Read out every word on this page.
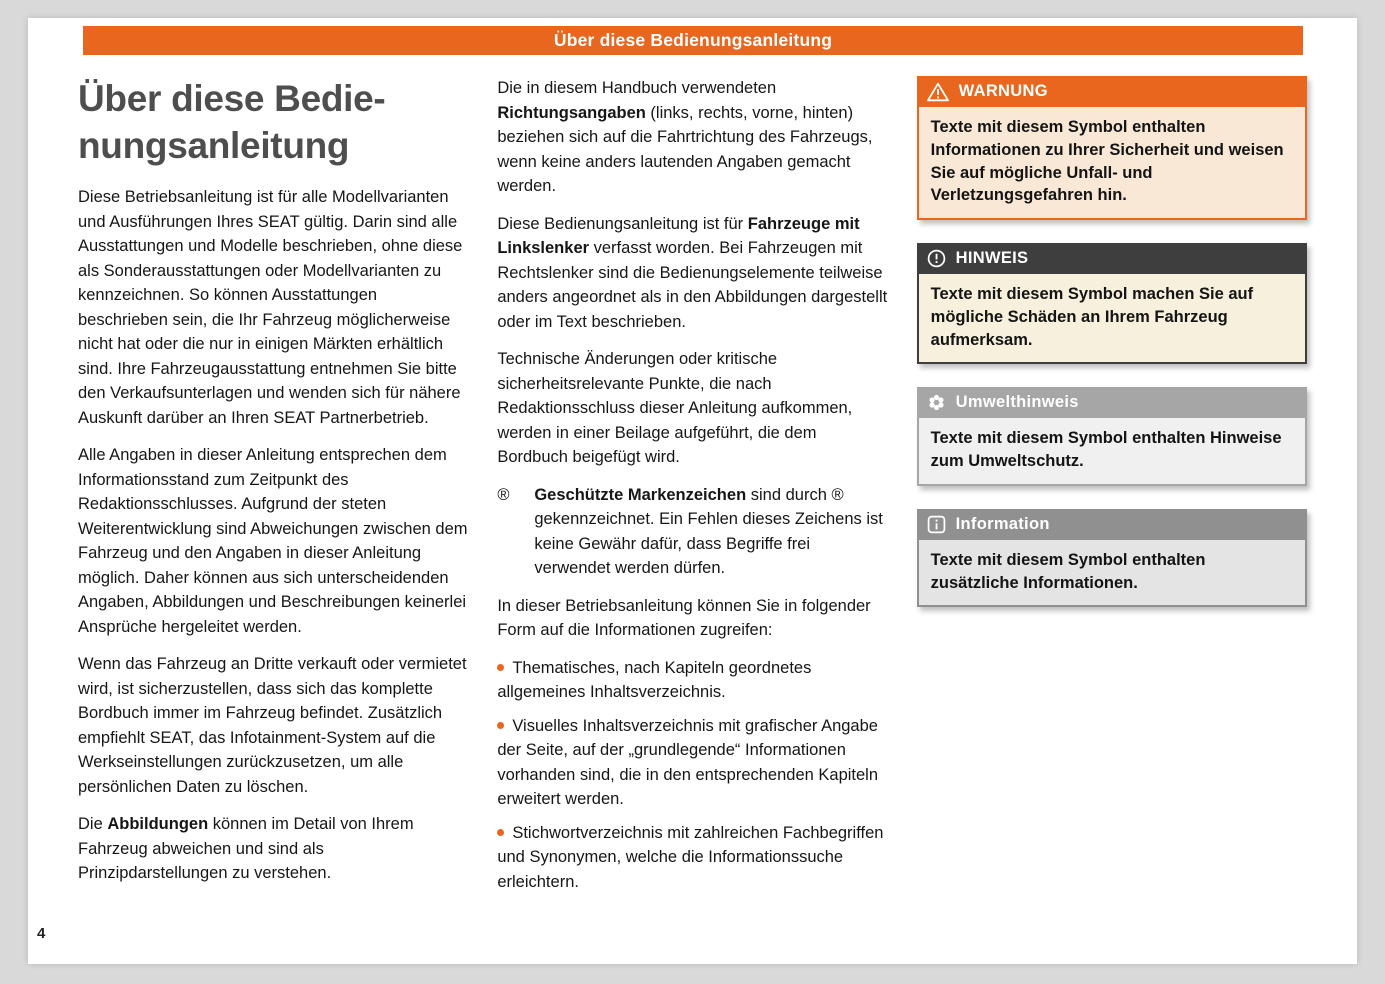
Über diese Bedienungsanleitung
Über diese Bedie-
nungsanleitung

Diese Betriebsanleitung ist für alle Modellvarianten und Ausführungen Ihres SEAT gültig. Darin sind alle Ausstattungen und Modelle beschrieben, ohne diese als Sonderausstattungen oder Modellvarianten zu kennzeichnen. So können Ausstattungen beschrieben sein, die Ihr Fahrzeug möglicherweise nicht hat oder die nur in einigen Märkten erhältlich sind. Ihre Fahrzeugausstattung entnehmen Sie bitte den Verkaufsunterlagen und wenden sich für nähere Auskunft darüber an Ihren SEAT Partnerbetrieb.

Alle Angaben in dieser Anleitung entsprechen dem Informationsstand zum Zeitpunkt des Redaktionsschlusses. Aufgrund der steten Weiterentwicklung sind Abweichungen zwischen dem Fahrzeug und den Angaben in dieser Anleitung möglich. Daher können aus sich unterscheidenden Angaben, Abbildungen und Beschreibungen keinerlei Ansprüche hergeleitet werden.

Wenn das Fahrzeug an Dritte verkauft oder vermietet wird, ist sicherzustellen, dass sich das komplette Bordbuch immer im Fahrzeug befindet. Zusätzlich empfiehlt SEAT, das Infotainment-System auf die Werkseinstellungen zurückzusetzen, um alle persönlichen Daten zu löschen.

Die Abbildungen können im Detail von Ihrem Fahrzeug abweichen und sind als Prinzipdarstellungen zu verstehen.

Die in diesem Handbuch verwendeten Richtungsangaben (links, rechts, vorne, hinten) beziehen sich auf die Fahrtrichtung des Fahrzeugs, wenn keine anders lautenden Angaben gemacht werden.

Diese Bedienungsanleitung ist für Fahrzeuge mit Linkslenker verfasst worden. Bei Fahrzeugen mit Rechtslenker sind die Bedienungselemente teilweise anders angeordnet als in den Abbildungen dargestellt oder im Text beschrieben.

Technische Änderungen oder kritische sicherheitsrelevante Punkte, die nach Redaktionsschluss dieser Anleitung aufkommen, werden in einer Beilage aufgeführt, die dem Bordbuch beigefügt wird.

®	Geschützte Markenzeichen sind durch ® gekennzeichnet. Ein Fehlen dieses Zeichens ist keine Gewähr dafür, dass Begriffe frei verwendet werden dürfen.

In dieser Betriebsanleitung können Sie in folgender Form auf die Informationen zugreifen:

Thematisches, nach Kapiteln geordnetes allgemeines Inhaltsverzeichnis.

Visuelles Inhaltsverzeichnis mit grafischer Angabe der Seite, auf der „grundlegende“ Informationen vorhanden sind, die in den entsprechenden Kapiteln erweitert werden.

Stichwortverzeichnis mit zahlreichen Fachbegriffen und Synonymen, welche die Informationssuche erleichtern.

WARNUNG
Texte mit diesem Symbol enthalten Informationen zu Ihrer Sicherheit und weisen Sie auf mögliche Unfall- und Verletzungsgefahren hin.
HINWEIS
Texte mit diesem Symbol machen Sie auf mögliche Schäden an Ihrem Fahrzeug aufmerksam.
Umwelthinweis
Texte mit diesem Symbol enthalten Hinweise zum Umweltschutz.
Information
Texte mit diesem Symbol enthalten zusätzliche Informationen.
4
